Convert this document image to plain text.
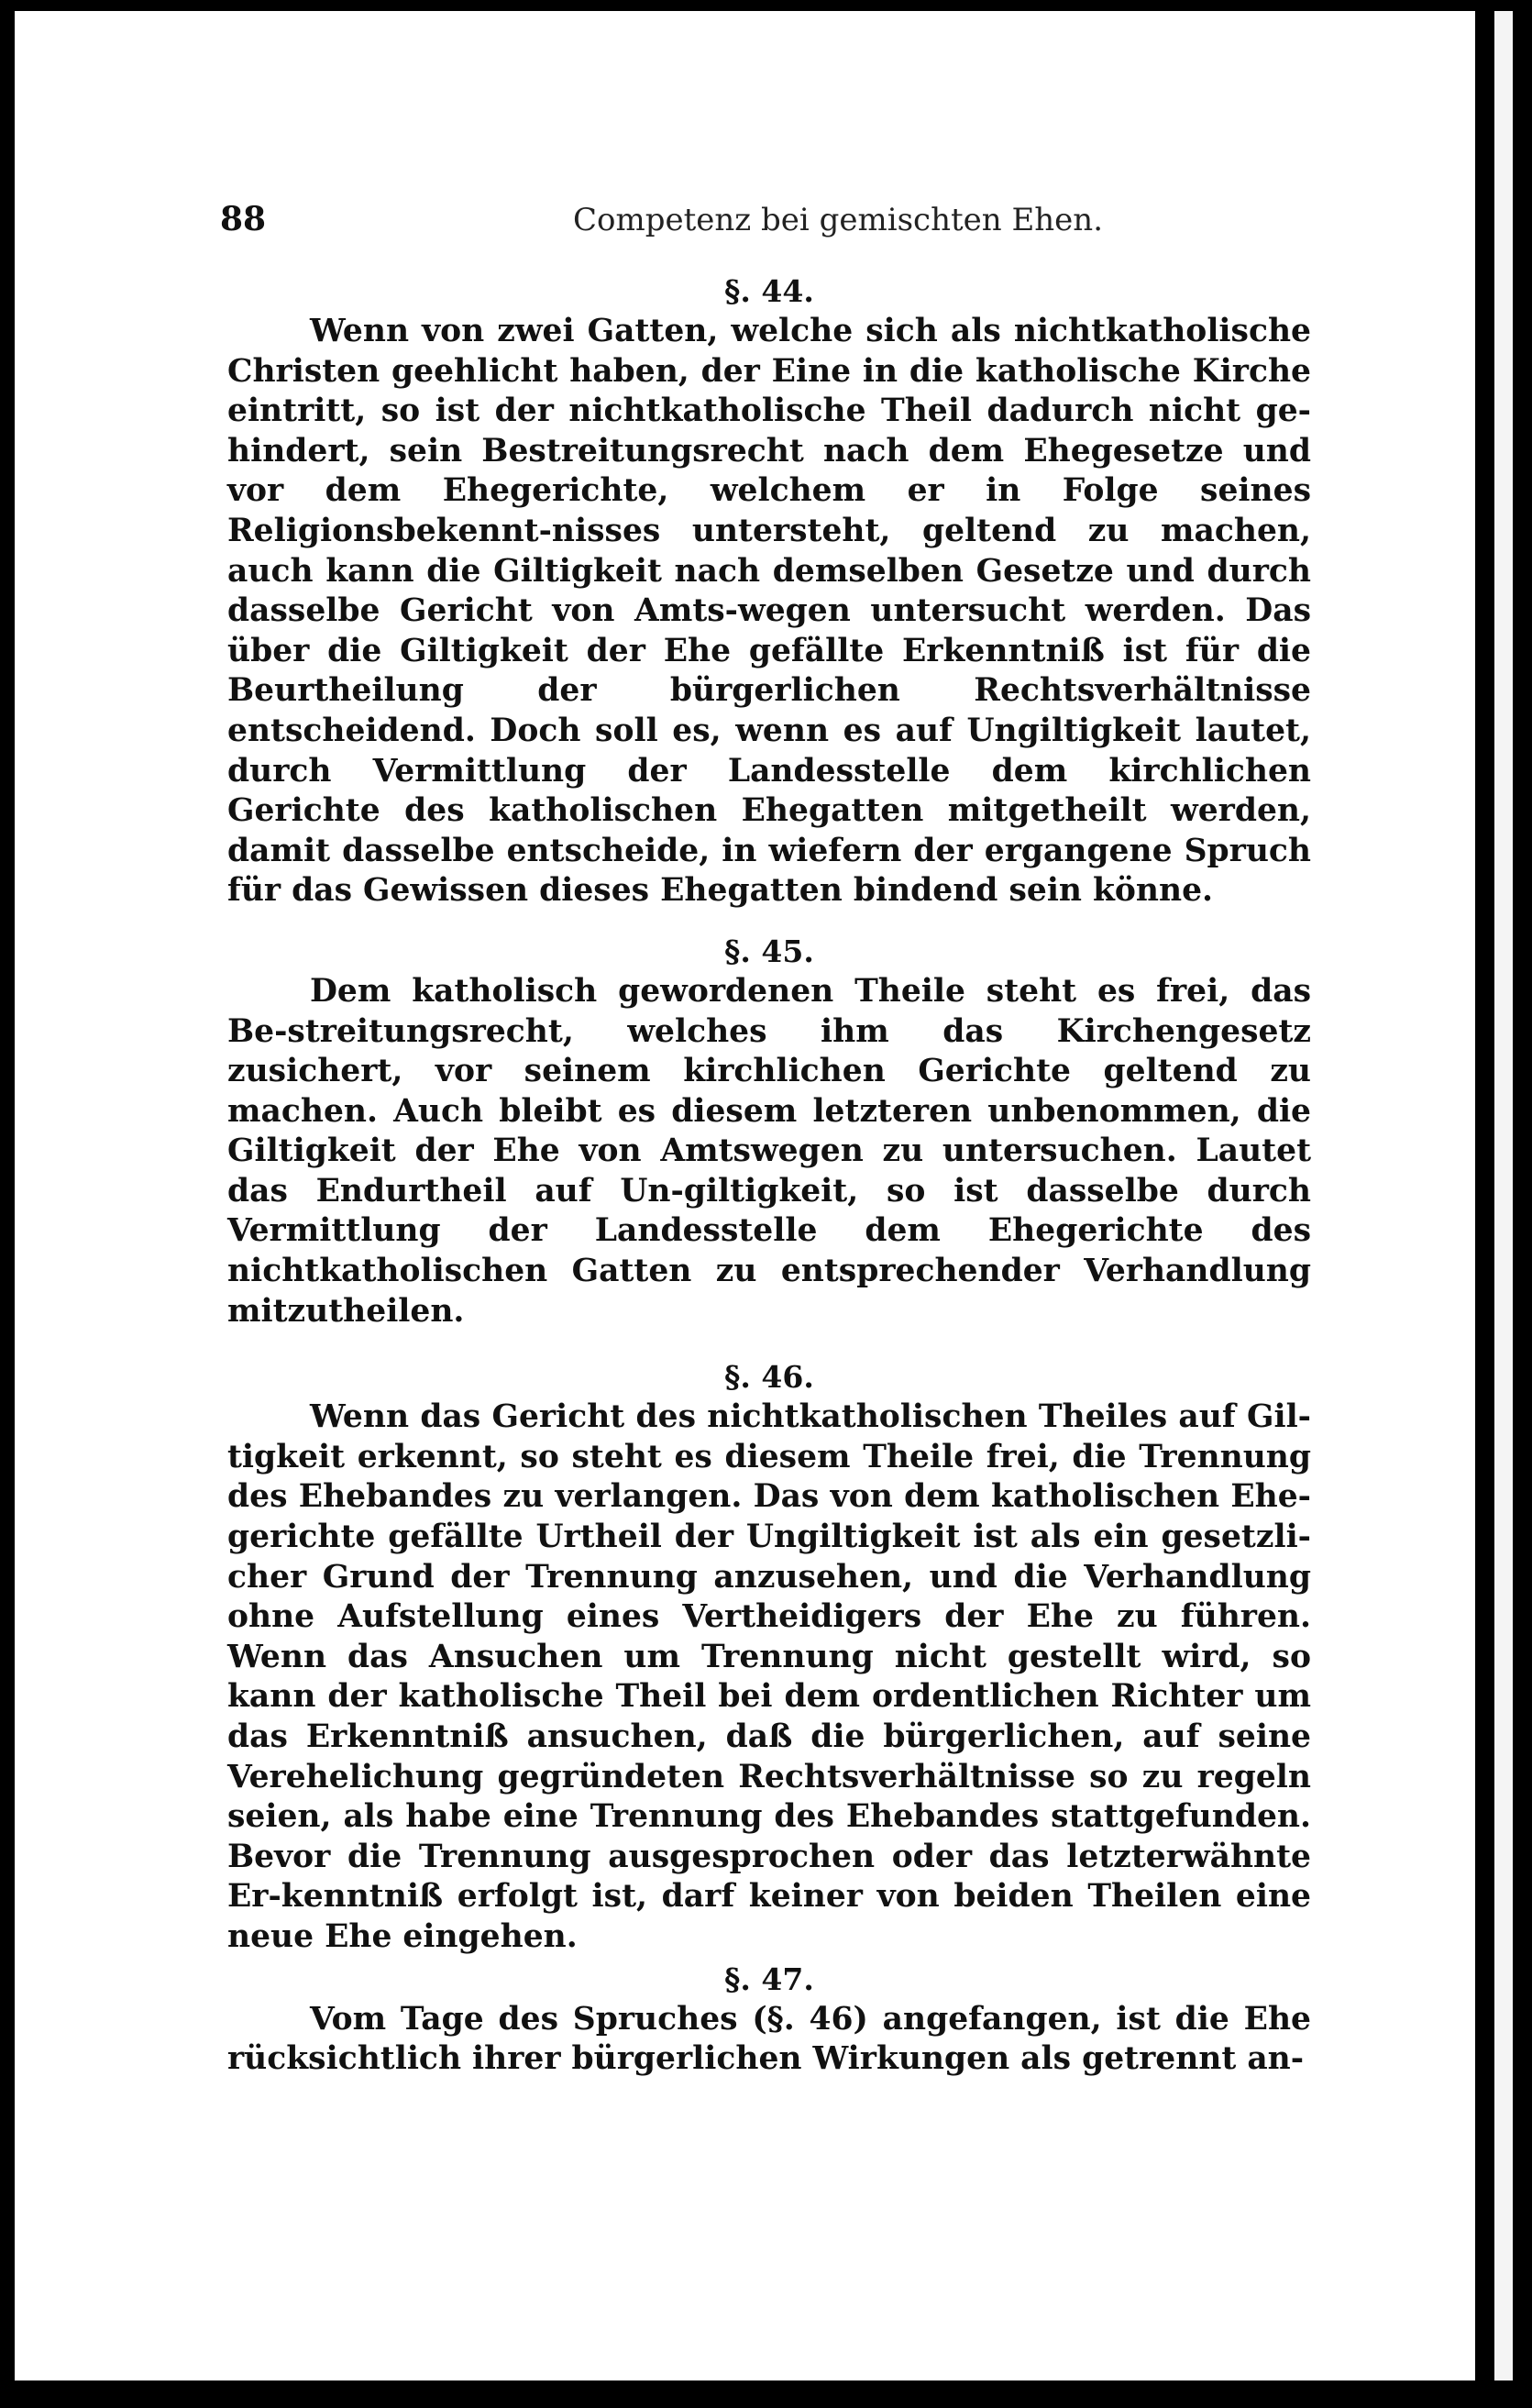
88	Competenz bei gemischten Ehen.

§. 44.

Wenn von zwei Gatten, welche sich als nichtkatholische Christen geehlicht haben, der Eine in die katholische Kirche eintritt, so ist der nichtkatholische Theil dadurch nicht ge-hindert, sein Bestreitungsrecht nach dem Ehegesetze und vor dem Ehegerichte, welchem er in Folge seines Religionsbekennt-nisses untersteht, geltend zu machen, auch kann die Giltigkeit nach demselben Gesetze und durch dasselbe Gericht von Amts-wegen untersucht werden. Das über die Giltigkeit der Ehe gefällte Erkenntniß ist für die Beurtheilung der bürgerlichen Rechtsverhältnisse entscheidend. Doch soll es, wenn es auf Ungiltigkeit lautet, durch Vermittlung der Landesstelle dem kirchlichen Gerichte des katholischen Ehegatten mitgetheilt werden, damit dasselbe entscheide, in wiefern der ergangene Spruch für das Gewissen dieses Ehegatten bindend sein könne.

§. 45.

Dem katholisch gewordenen Theile steht es frei, das Be-streitungsrecht, welches ihm das Kirchengesetz zusichert, vor seinem kirchlichen Gerichte geltend zu machen. Auch bleibt es diesem letzteren unbenommen, die Giltigkeit der Ehe von Amtswegen zu untersuchen. Lautet das Endurtheil auf Un-giltigkeit, so ist dasselbe durch Vermittlung der Landesstelle dem Ehegerichte des nichtkatholischen Gatten zu entsprechender Verhandlung mitzutheilen.

§. 46.

Wenn das Gericht des nichtkatholischen Theiles auf Gil-tigkeit erkennt, so steht es diesem Theile frei, die Trennung des Ehebandes zu verlangen. Das von dem katholischen Ehe-gerichte gefällte Urtheil der Ungiltigkeit ist als ein gesetzli-cher Grund der Trennung anzusehen, und die Verhandlung ohne Aufstellung eines Vertheidigers der Ehe zu führen. Wenn das Ansuchen um Trennung nicht gestellt wird, so kann der katholische Theil bei dem ordentlichen Richter um das Erkenntniß ansuchen, daß die bürgerlichen, auf seine Verehelichung gegründeten Rechtsverhältnisse so zu regeln seien, als habe eine Trennung des Ehebandes stattgefunden. Bevor die Trennung ausgesprochen oder das letzterwähnte Er-kenntniß erfolgt ist, darf keiner von beiden Theilen eine neue Ehe eingehen.

§. 47.

Vom Tage des Spruches (§. 46) angefangen, ist die Ehe rücksichtlich ihrer bürgerlichen Wirkungen als getrennt an-
